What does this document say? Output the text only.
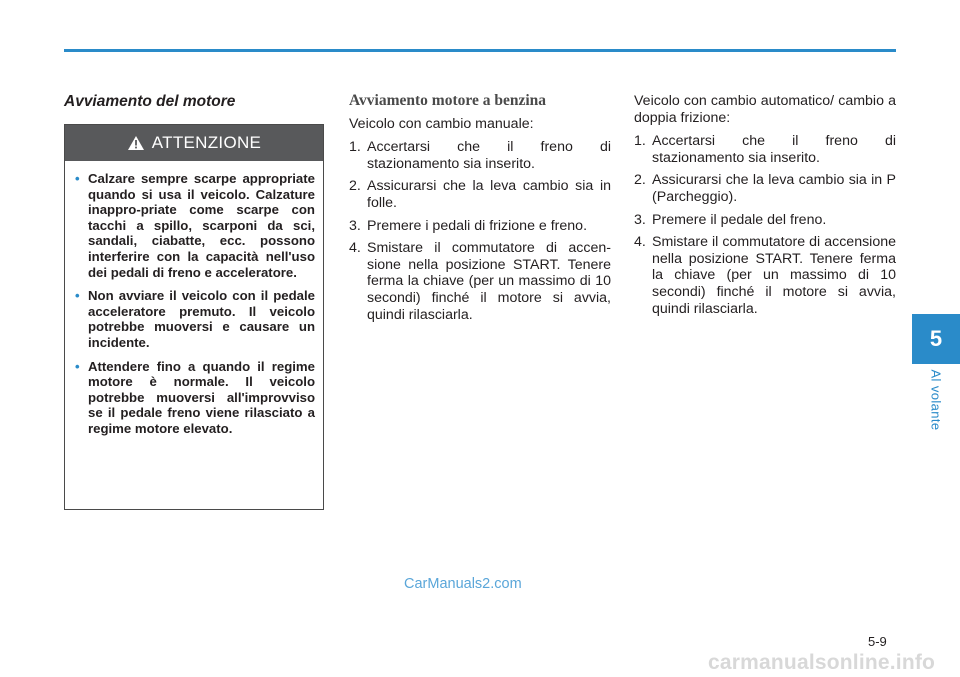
Avviamento del motore
ATTENZIONE
• Calzare sempre scarpe appropriate quando si usa il veicolo. Calzature inappro-priate come scarpe con tacchi a spillo, scarponi da sci, sandali, ciabatte, ecc. possono interferire con la capacità nell'uso dei pedali di freno e acceleratore.
• Non avviare il veicolo con il pedale acceleratore premuto. Il veicolo potrebbe muoversi e causare un incidente.
• Attendere fino a quando il regime motore è normale. Il veicolo potrebbe muoversi all'improvviso se il pedale freno viene rilasciato a regime motore elevato.
Avviamento motore a benzina

Veicolo con cambio manuale:

1. Accertarsi che il freno di stazionamento sia inserito.
2. Assicurarsi che la leva cambio sia in folle.
3. Premere i pedali di frizione e freno.
4. Smistare il commutatore di accen-sione nella posizione START. Tenere ferma la chiave (per un massimo di 10 secondi) finché il motore si avvia, quindi rilasciarla.

Veicolo con cambio automatico/ cambio a doppia frizione:

1. Accertarsi che il freno di stazionamento sia inserito.
2. Assicurarsi che la leva cambio sia in P (Parcheggio).
3. Premere il pedale del freno.
4. Smistare il commutatore di accensione nella posizione START. Tenere ferma la chiave (per un massimo di 10 secondi) finché il motore si avvia, quindi rilasciarla.
5
Al volante
5-9
CarManuals2.com
carmanualsonline.info
